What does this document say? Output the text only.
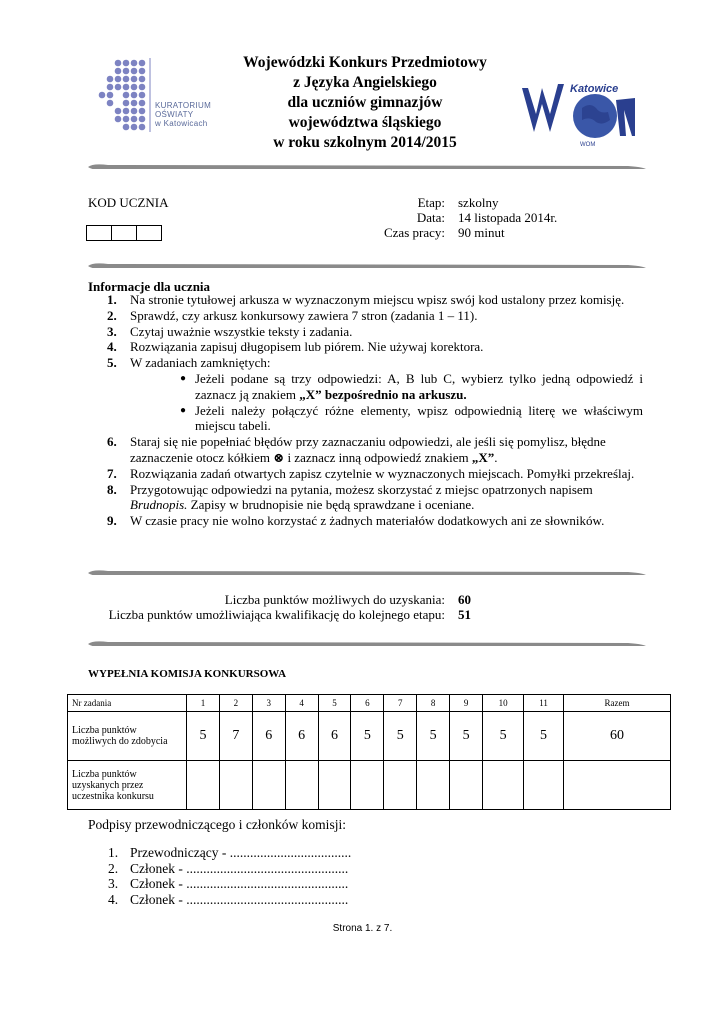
KURATORIUM
OŚWIATY
w Katowicach
Wojewódzki Konkurs Przedmiotowy
z Języka Angielskiego
dla uczniów gimnazjów
województwa śląskiego
w roku szkolnym 2014/2015
Katowice
WOM
KOD UCZNIA	Etap: szkolny
Data: 14 listopada 2014r.
Czas pracy: 90 minut
Informacje dla ucznia
1. Na stronie tytułowej arkusza w wyznaczonym miejscu wpisz swój kod ustalony przez komisję.
2. Sprawdź, czy arkusz konkursowy zawiera 7 stron (zadania 1 – 11).
3. Czytaj uważnie wszystkie teksty i zadania.
4. Rozwiązania zapisuj długopisem lub piórem. Nie używaj korektora.
5. W zadaniach zamkniętych:
● Jeżeli podane są trzy odpowiedzi: A, B lub C, wybierz tylko jedną odpowiedź i zaznacz ją znakiem „X” bezpośrednio na arkuszu.
● Jeżeli należy połączyć różne elementy, wpisz odpowiednią literę we właściwym miejscu tabeli.
6. Staraj się nie popełniać błędów przy zaznaczaniu odpowiedzi, ale jeśli się pomylisz, błędne zaznaczenie otocz kółkiem ⊗ i zaznacz inną odpowiedź znakiem „X”.
7. Rozwiązania zadań otwartych zapisz czytelnie w wyznaczonych miejscach. Pomyłki przekreślaj.
8. Przygotowując odpowiedzi na pytania, możesz skorzystać z miejsc opatrzonych napisem Brudnopis. Zapisy w brudnopisie nie będą sprawdzane i oceniane.
9. W czasie pracy nie wolno korzystać z żadnych materiałów dodatkowych ani ze słowników.
Liczba punktów możliwych do uzyskania: 60
Liczba punktów umożliwiająca kwalifikację do kolejnego etapu: 51
WYPEŁNIA KOMISJA KONKURSOWA
Nr zadania	1	2	3	4	5	6	7	8	9	10	11	Razem
Liczba punktów możliwych do zdobycia	5	7	6	6	6	5	5	5	5	5	5	60
Liczba punktów uzyskanych przez uczestnika konkursu												
Podpisy przewodniczącego i członków komisji:
1. Przewodniczący - ....................................
2. Członek - ................................................
3. Członek - ................................................
4. Członek - ................................................
Strona 1. z 7.
